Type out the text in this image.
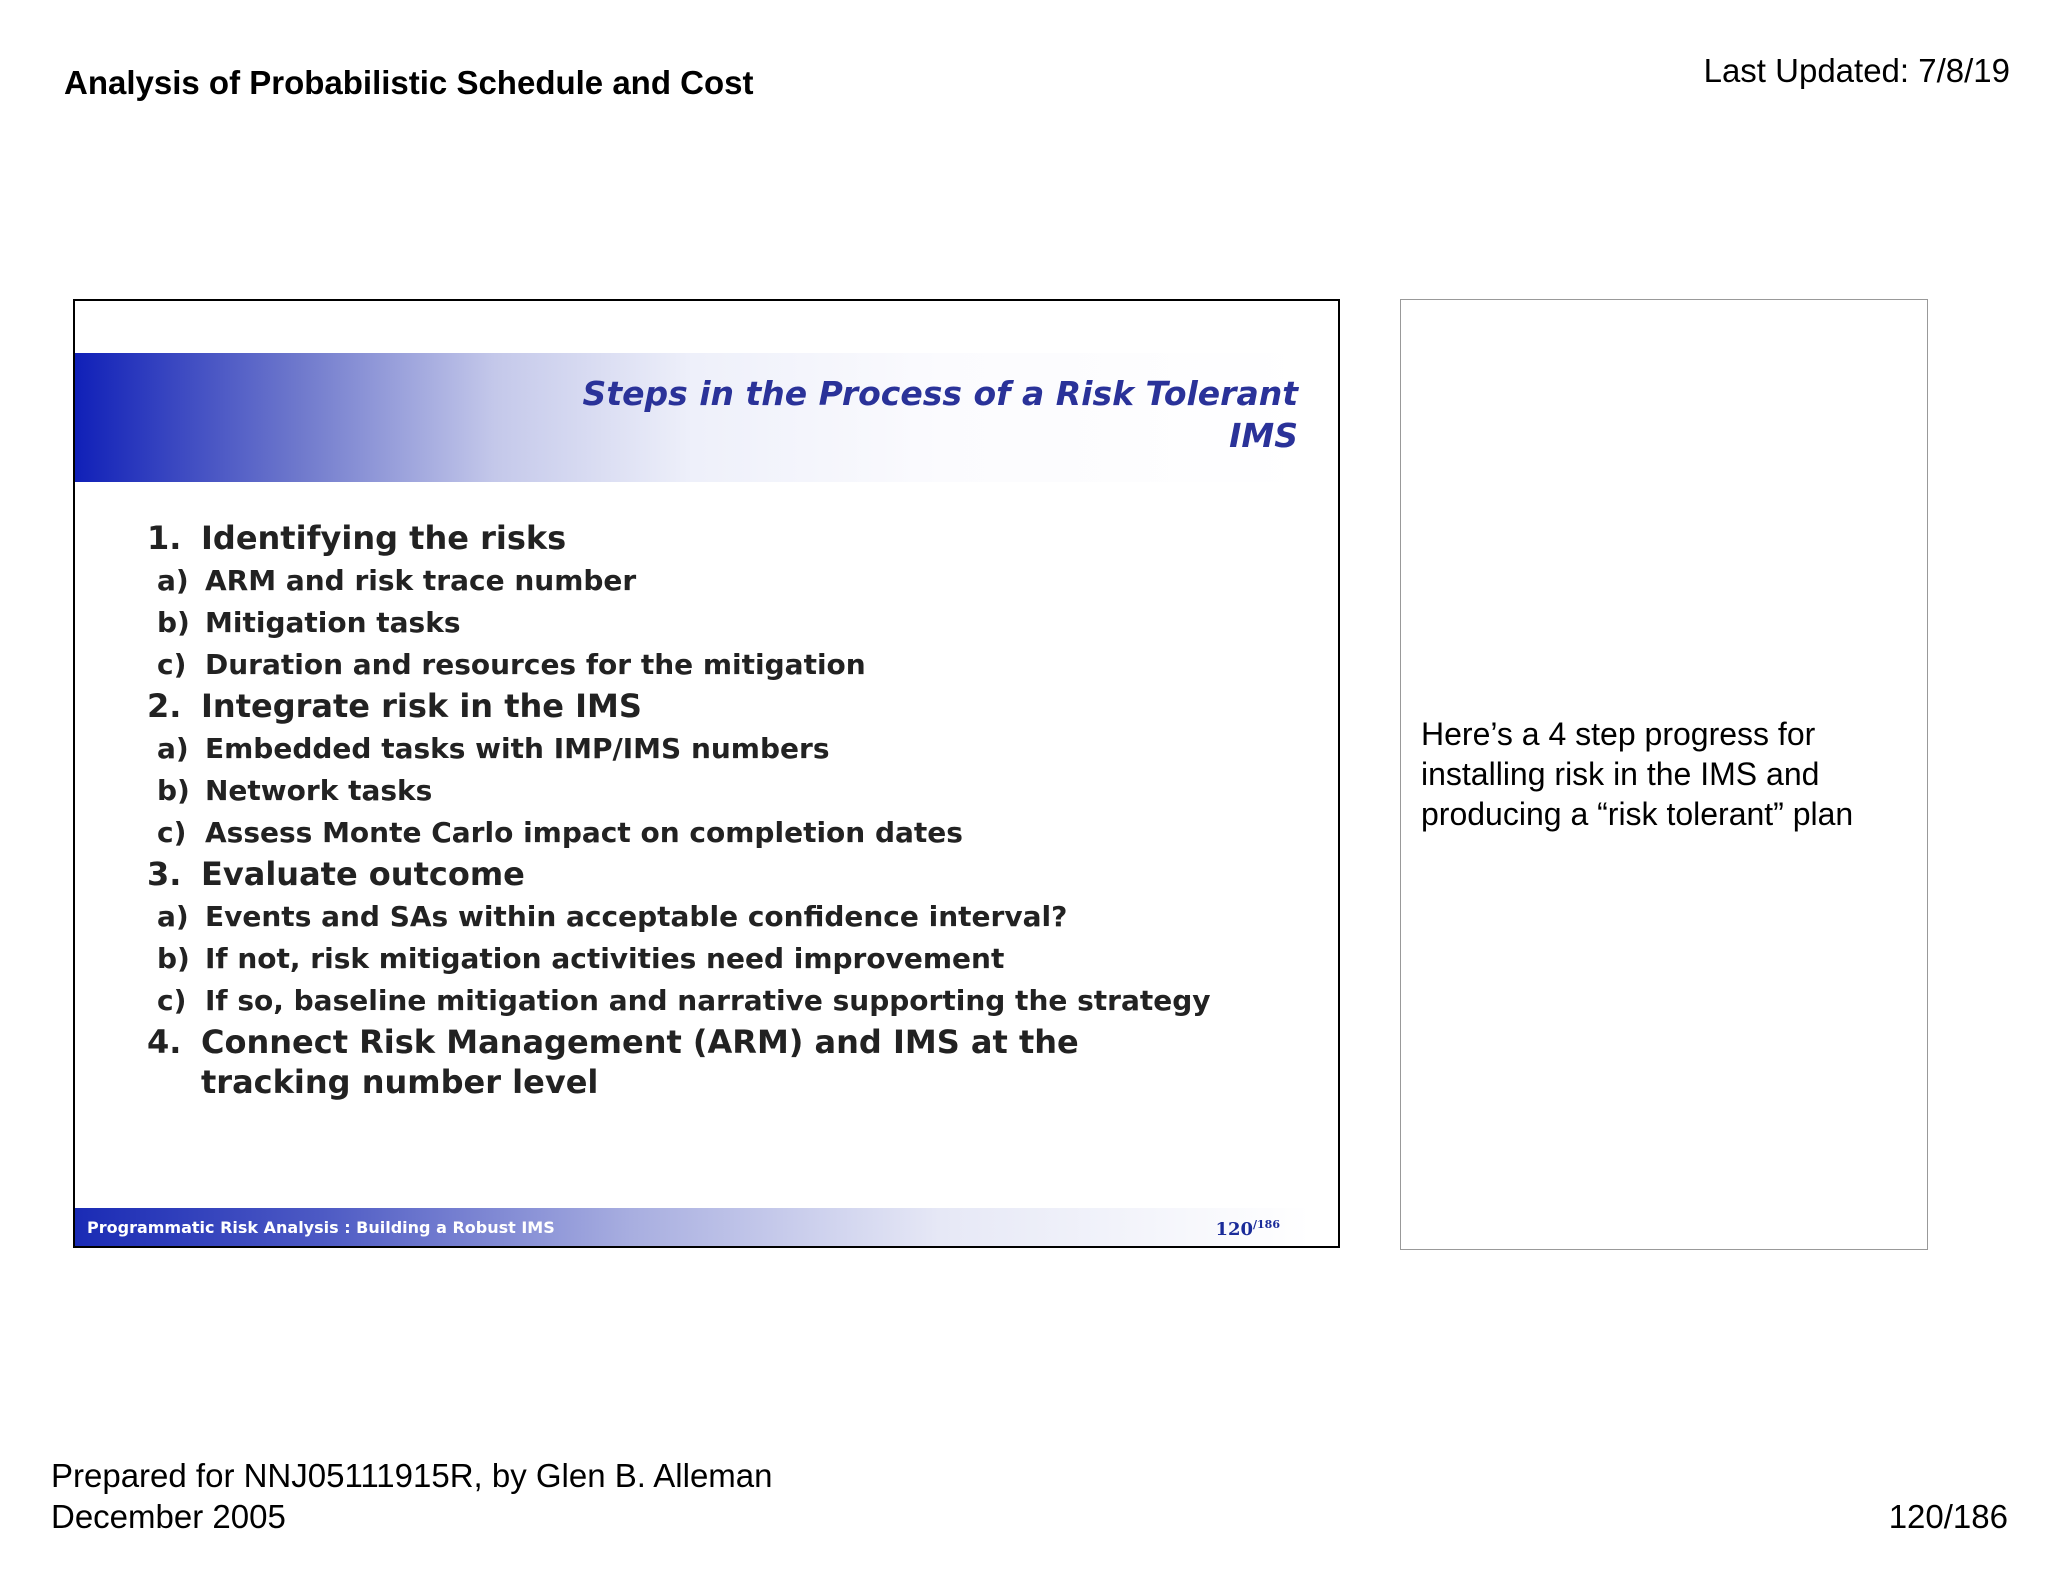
Analysis of Probabilistic Schedule and Cost	Last Updated: 7/8/19
Steps in the Process of a Risk Tolerant
IMS
1. Identifying the risks
a) ARM and risk trace number
b) Mitigation tasks
c) Duration and resources for the mitigation
2. Integrate risk in the IMS
a) Embedded tasks with IMP/IMS numbers
b) Network tasks
c) Assess Monte Carlo impact on completion dates
3. Evaluate outcome
a) Events and SAs within acceptable confidence interval?
b) If not, risk mitigation activities need improvement
c) If so, baseline mitigation and narrative supporting the strategy
4. Connect Risk Management (ARM) and IMS at the tracking number level
Programmatic Risk Analysis : Building a Robust IMS	$120^{/186}$
Here’s a 4 step progress for installing risk in the IMS and producing a “risk tolerant” plan
Prepared for NNJ05111915R, by Glen B. Alleman
December 2005	120/186
